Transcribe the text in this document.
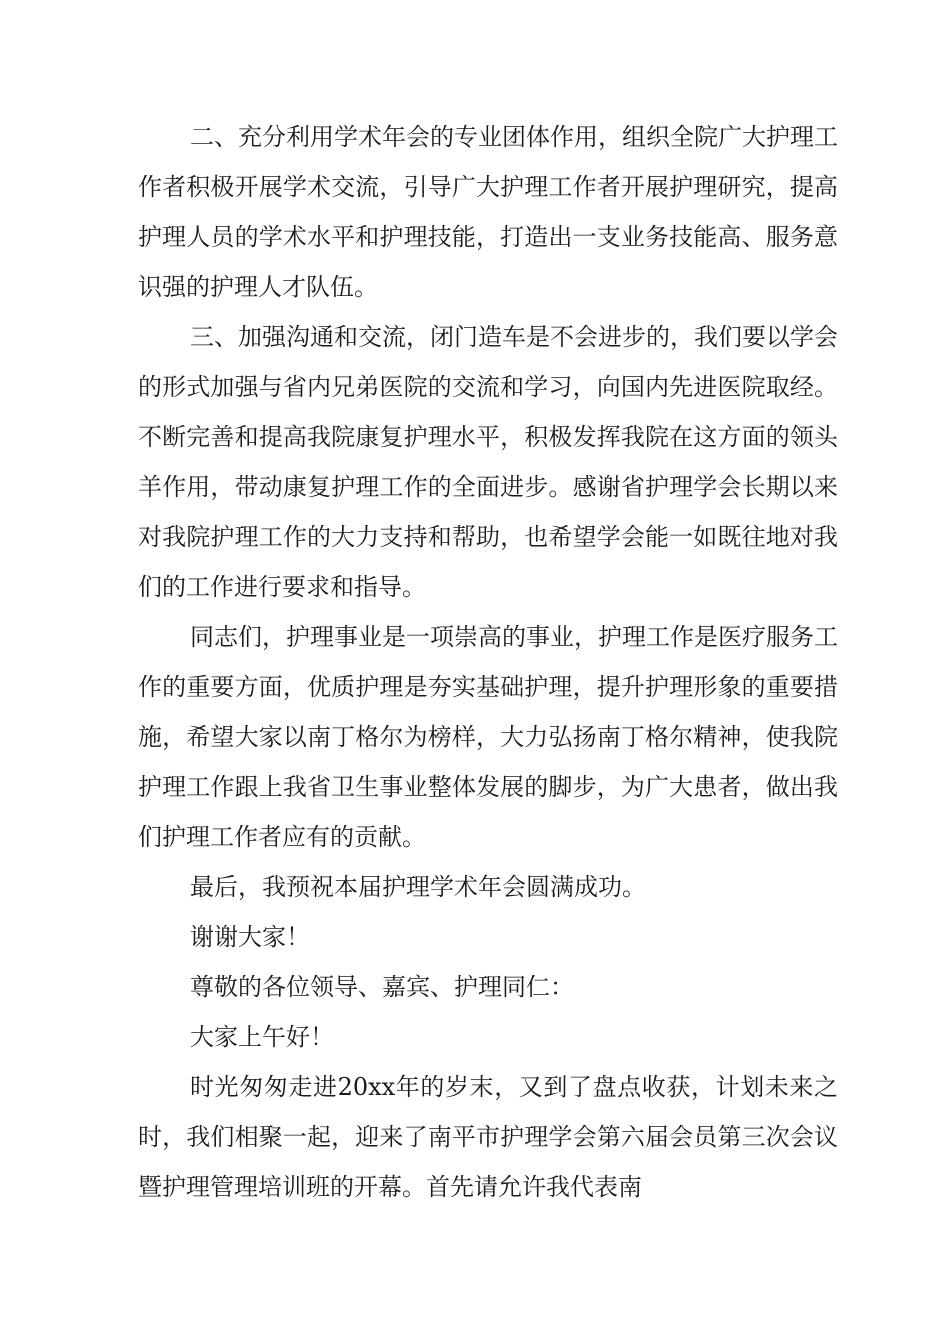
二、充分利用学术年会的专业团体作用，组织全院广大护理工作者积极开展学术交流，引导广大护理工作者开展护理研究，提高护理人员的学术水平和护理技能，打造出一支业务技能高、服务意识强的护理人才队伍。

三、加强沟通和交流，闭门造车是不会进步的，我们要以学会的形式加强与省内兄弟医院的交流和学习，向国内先进医院取经。不断完善和提高我院康复护理水平，积极发挥我院在这方面的领头羊作用，带动康复护理工作的全面进步。感谢省护理学会长期以来对我院护理工作的大力支持和帮助，也希望学会能一如既往地对我们的工作进行要求和指导。

同志们，护理事业是一项崇高的事业，护理工作是医疗服务工作的重要方面，优质护理是夯实基础护理，提升护理形象的重要措施，希望大家以南丁格尔为榜样，大力弘扬南丁格尔精神，使我院护理工作跟上我省卫生事业整体发展的脚步，为广大患者，做出我们护理工作者应有的贡献。

最后，我预祝本届护理学术年会圆满成功。

谢谢大家！

尊敬的各位领导、嘉宾、护理同仁：

大家上午好！

时光匆匆走进20xx年的岁末，又到了盘点收获，计划未来之时，我们相聚一起，迎来了南平市护理学会第六届会员第三次会议暨护理管理培训班的开幕。首先请允许我代表南
